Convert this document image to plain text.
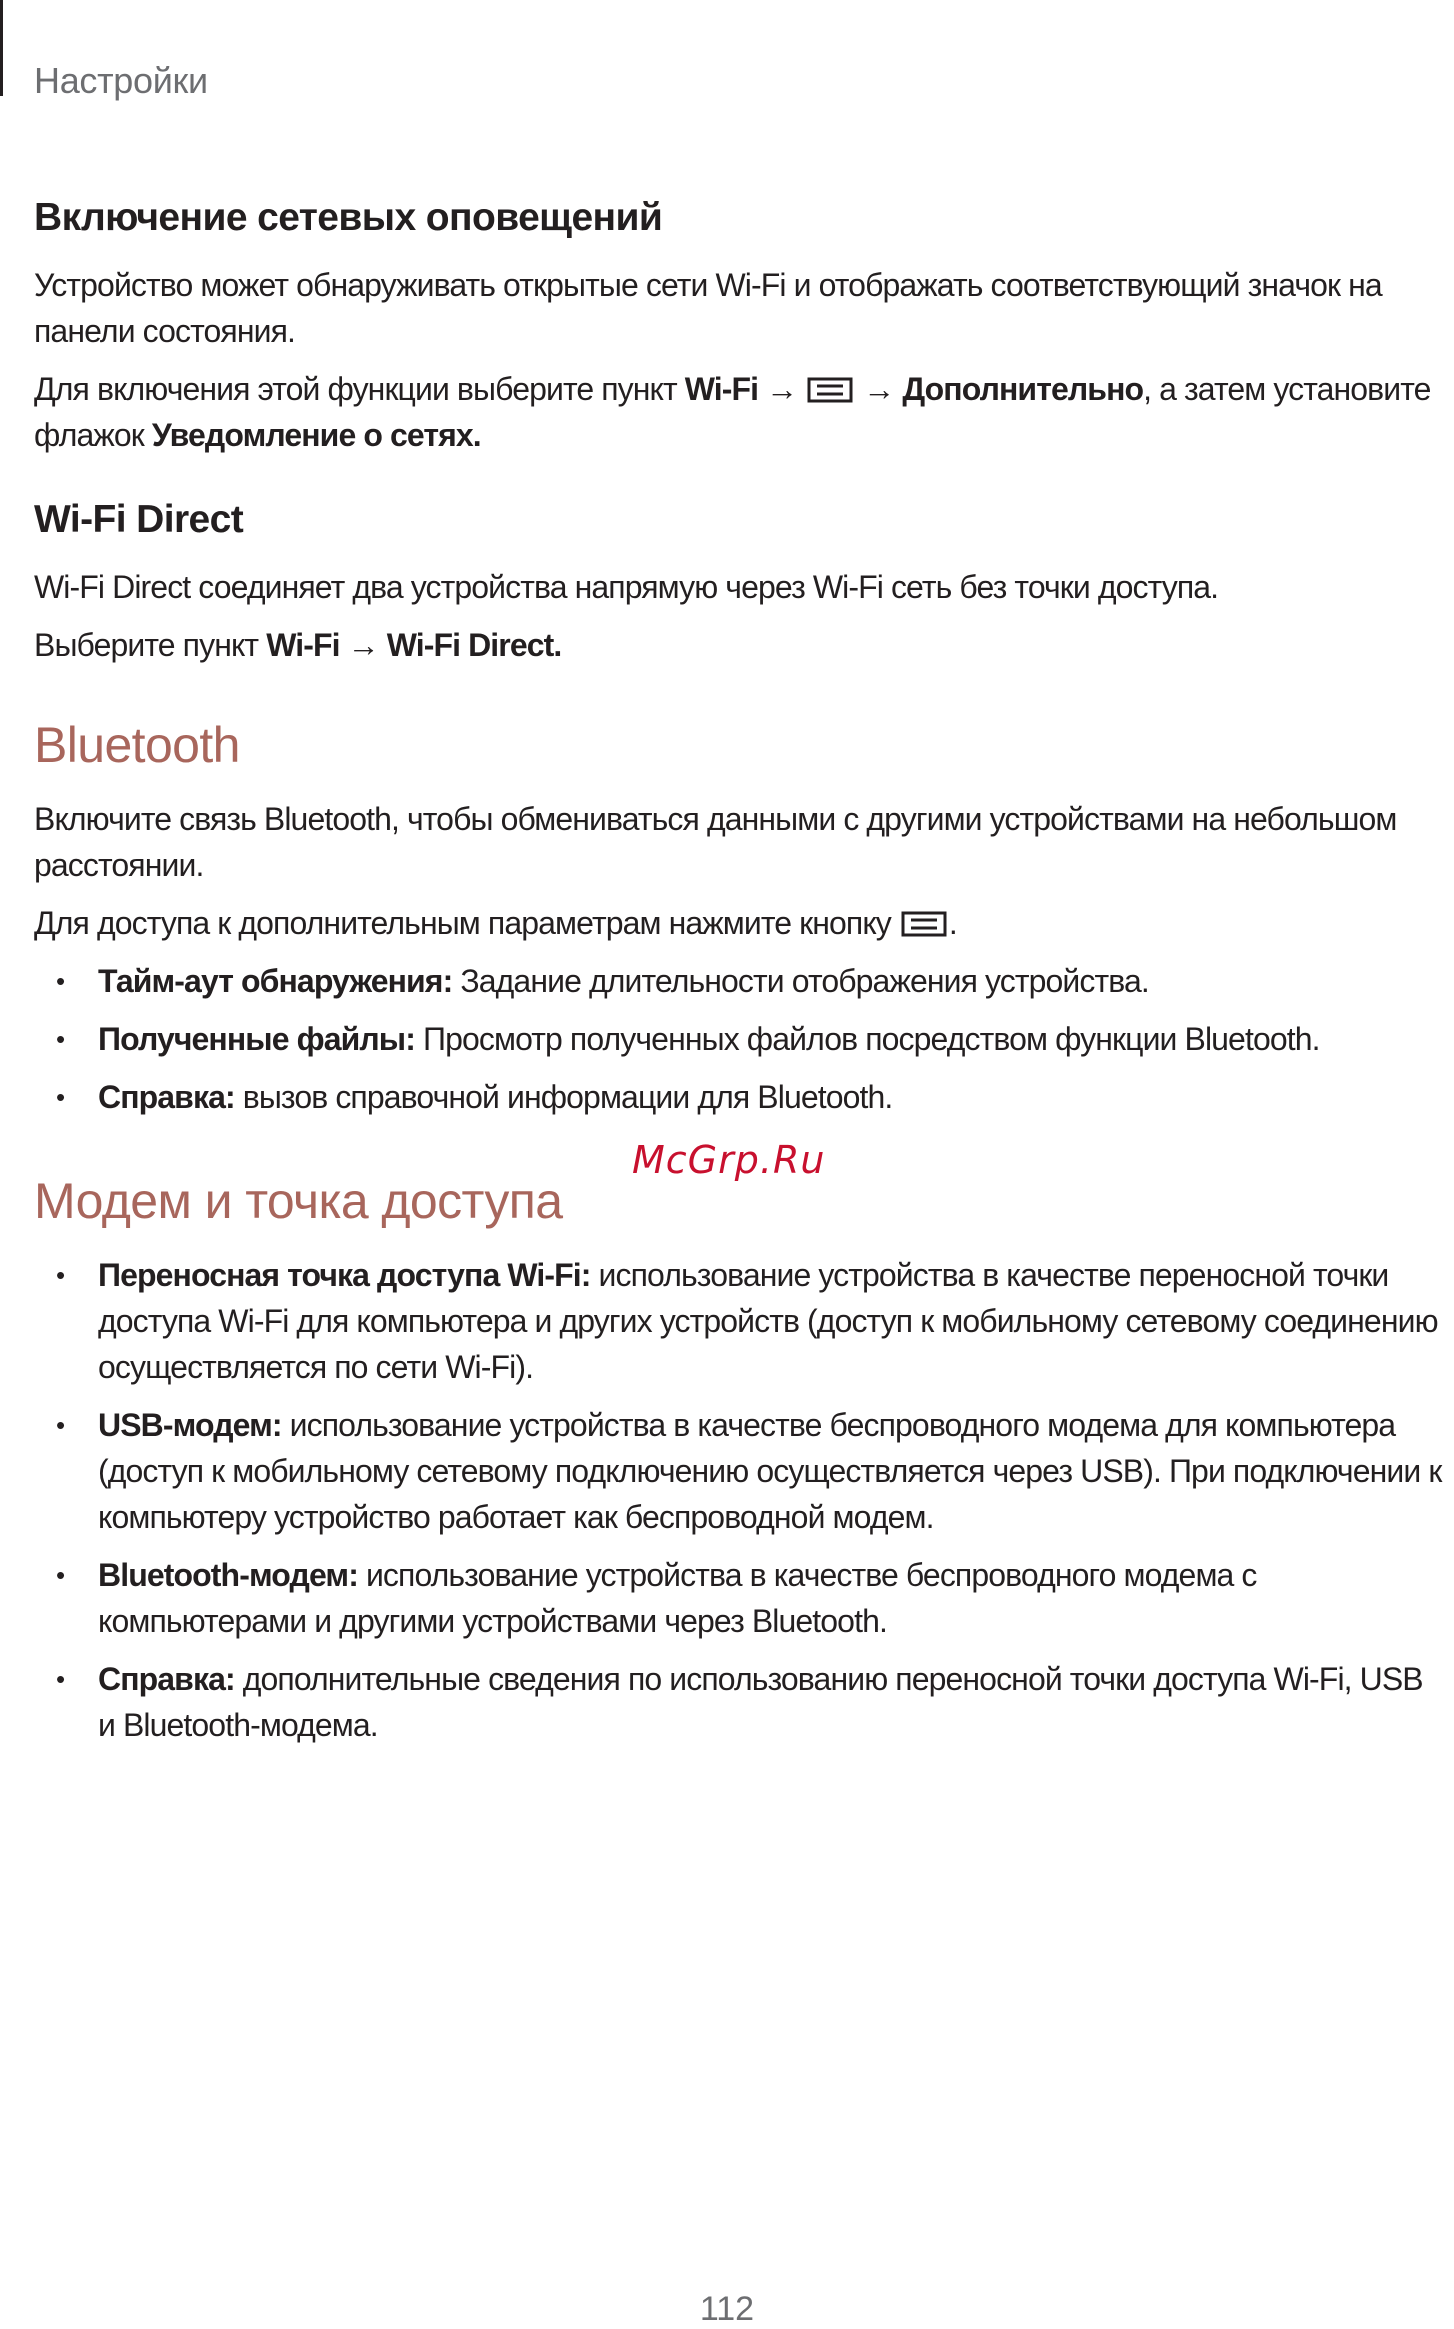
Настройки
Включение сетевых оповещений

Устройство может обнаруживать открытые сети Wi-Fi и отображать соответствующий значок на панели состояния.

Для включения этой функции выберите пункт Wi-Fi →  → Дополнительно, а затем установите флажок Уведомление о сетях.

Wi-Fi Direct

Wi-Fi Direct соединяет два устройства напрямую через Wi-Fi сеть без точки доступа.

Выберите пункт Wi-Fi → Wi-Fi Direct.

Bluetooth

Включите связь Bluetooth, чтобы обмениваться данными с другими устройствами на небольшом расстоянии.

Для доступа к дополнительным параметрам нажмите кнопку .

• Тайм-аут обнаружения: Задание длительности отображения устройства.
• Полученные файлы: Просмотр полученных файлов посредством функции Bluetooth.
• Справка: вызов справочной информации для Bluetooth.
Модем и точка доступа
• Переносная точка доступа Wi-Fi: использование устройства в качестве переносной точки доступа Wi-Fi для компьютера и других устройств (доступ к мобильному сетевому соединению осуществляется по сети Wi-Fi).
• USB-модем: использование устройства в качестве беспроводного модема для компьютера (доступ к мобильному сетевому подключению осуществляется через USB). При подключении к компьютеру устройство работает как беспроводной модем.
• Bluetooth-модем: использование устройства в качестве беспроводного модема с компьютерами и другими устройствами через Bluetooth.
• Справка: дополнительные сведения по использованию переносной точки доступа Wi-Fi, USB и Bluetooth-модема.
McGrp.Ru
112
